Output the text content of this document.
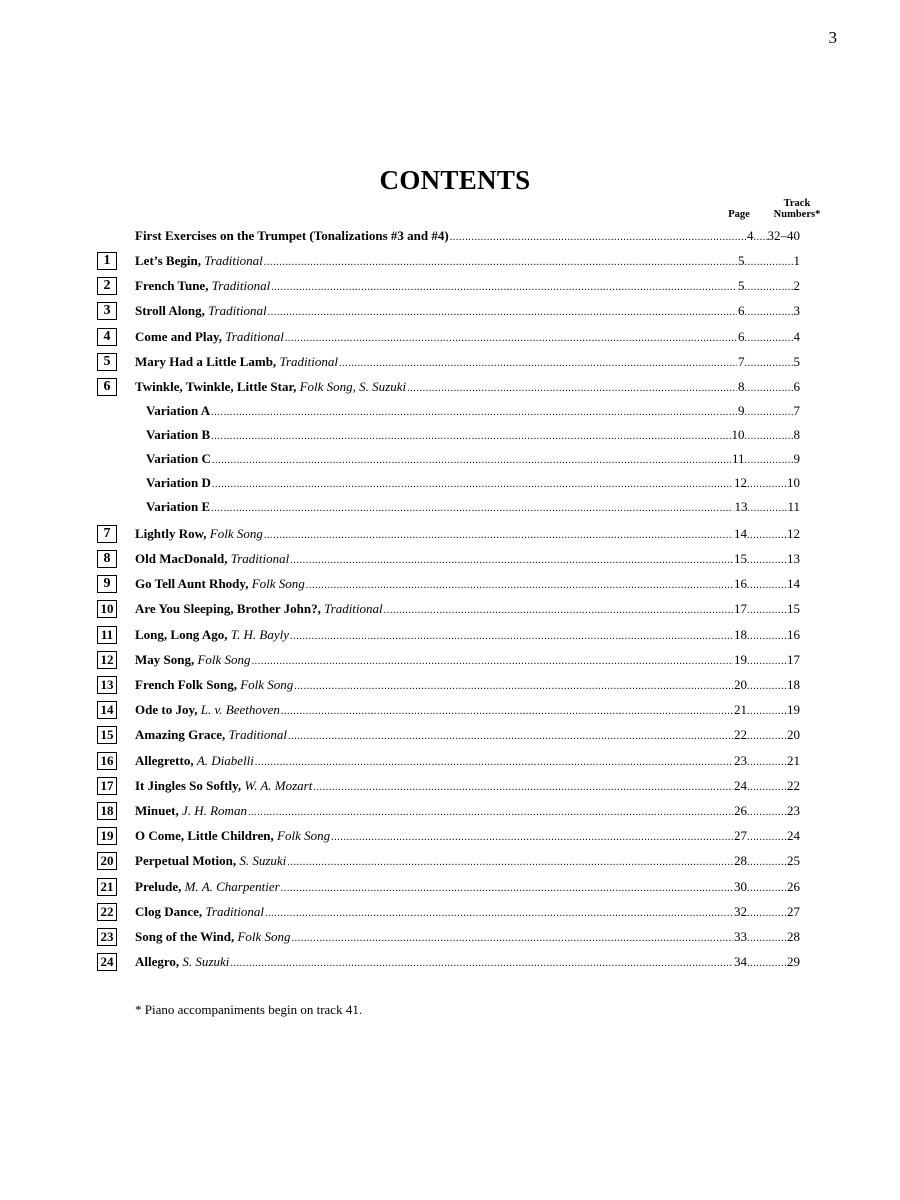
3
CONTENTS
Page
Track
Numbers*
First Exercises on the Trumpet (Tonalizations #3 and #4) .....	4 ..... 32–40
1	Let’s Begin, Traditional .....	5 .....	1
2	French Tune, Traditional .....	5 .....	2
3	Stroll Along, Traditional .....	6 .....	3
4	Come and Play, Traditional .....	6 .....	4
5	Mary Had a Little Lamb, Traditional .....	7 .....	5
6	Twinkle, Twinkle, Little Star, Folk Song, S. Suzuki .....	8 .....	6
Variation A .....	9 .....	7
Variation B .....	10 .....	8
Variation C .....	11 .....	9
Variation D .....	12 .....	10
Variation E .....	13 .....	11
7	Lightly Row, Folk Song .....	14 .....	12
8	Old MacDonald, Traditional .....	15 .....	13
9	Go Tell Aunt Rhody, Folk Song .....	16 .....	14
10 Are You Sleeping, Brother John?, Traditional .....	17 .....	15
11 Long, Long Ago, T. H. Bayly .....	18 .....	16
12 May Song, Folk Song .....	19 .....	17
13 French Folk Song, Folk Song .....	20 .....	18
14 Ode to Joy, L. v. Beethoven .....	21 .....	19
15 Amazing Grace, Traditional .....	22 .....	20
16 Allegretto, A. Diabelli .....	23 .....	21
17 It Jingles So Softly, W. A. Mozart .....	24 .....	22
18 Minuet, J. H. Roman .....	26 .....	23
19 O Come, Little Children, Folk Song .....	27 .....	24
20 Perpetual Motion, S. Suzuki .....	28 .....	25
21 Prelude, M. A. Charpentier .....	30 .....	26
22 Clog Dance, Traditional .....	32 .....	27
23 Song of the Wind, Folk Song .....	33 .....	28
24 Allegro, S. Suzuki .....	34 .....	29
* Piano accompaniments begin on track 41.
